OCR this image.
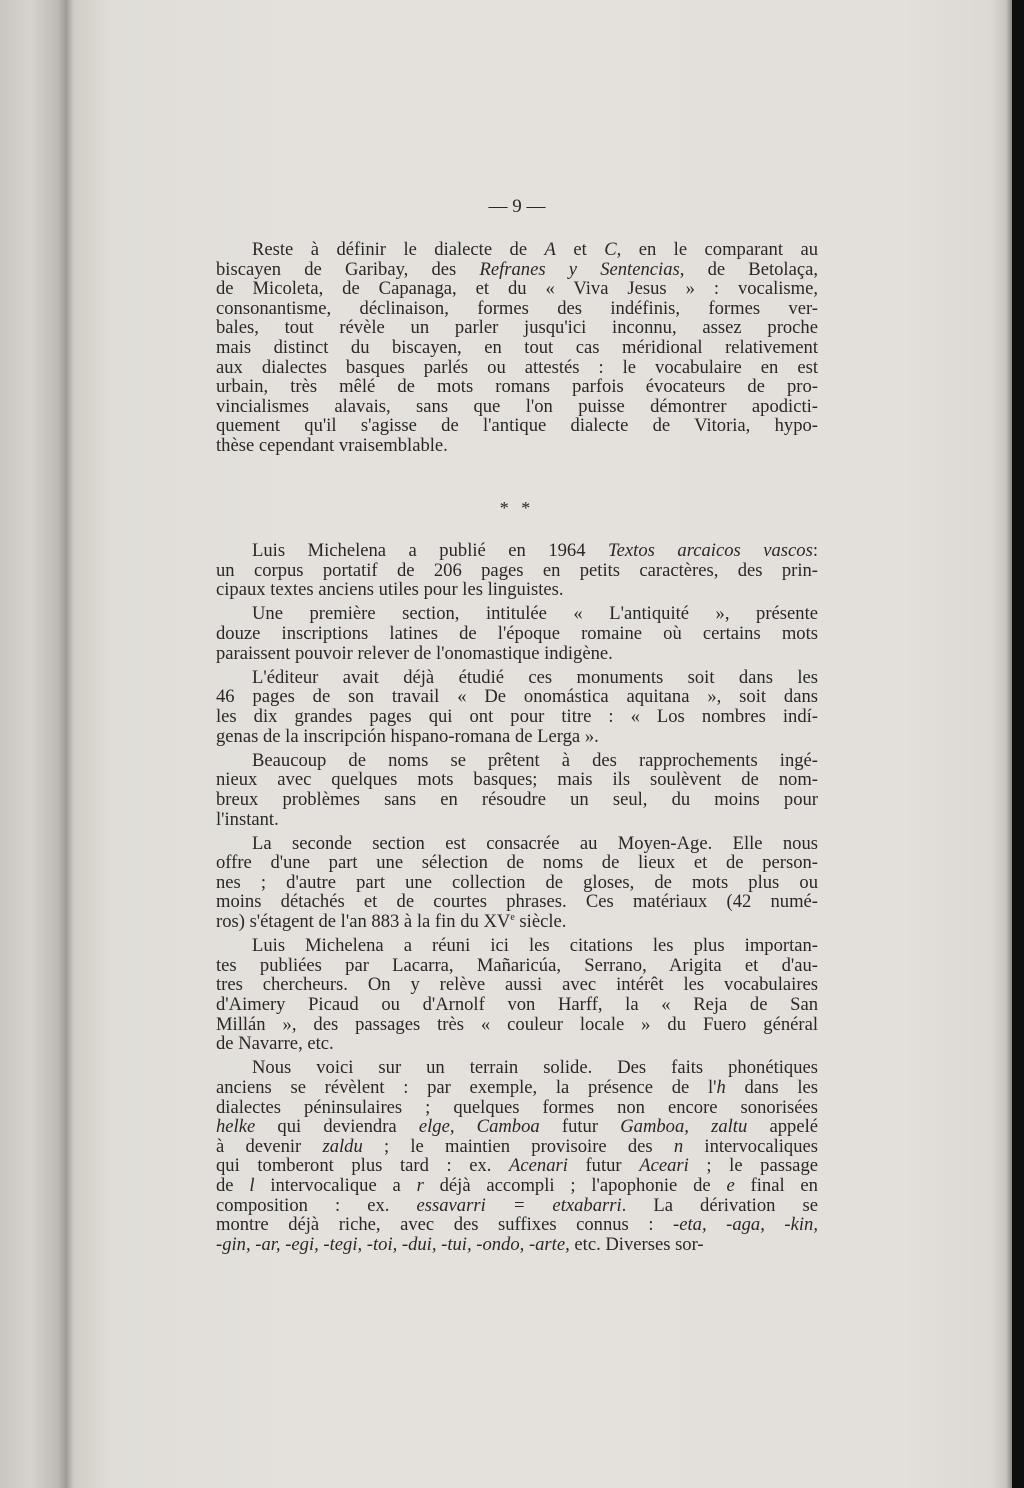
— 9 —
Reste à définir le dialecte de A et C, en le comparant au
biscayen de Garibay, des Refranes y Sentencias, de Betolaça,
de Micoleta, de Capanaga, et du « Viva Jesus » : vocalisme,
consonantisme, déclinaison, formes des indéfinis, formes ver-
bales, tout révèle un parler jusqu'ici inconnu, assez proche
mais distinct du biscayen, en tout cas méridional relativement
aux dialectes basques parlés ou attestés : le vocabulaire en est
urbain, très mêlé de mots romans parfois évocateurs de pro-
vincialismes alavais, sans que l'on puisse démontrer apodicti-
quement qu'il s'agisse de l'antique dialecte de Vitoria, hypo-
thèse cependant vraisemblable.
* *
Luis Michelena a publié en 1964 Textos arcaicos vascos:
un corpus portatif de 206 pages en petits caractères, des prin-
cipaux textes anciens utiles pour les linguistes.
Une première section, intitulée « L'antiquité », présente
douze inscriptions latines de l'époque romaine où certains mots
paraissent pouvoir relever de l'onomastique indigène.
L'éditeur avait déjà étudié ces monuments soit dans les
46 pages de son travail « De onomástica aquitana », soit dans
les dix grandes pages qui ont pour titre : « Los nombres indí-
genas de la inscripción hispano-romana de Lerga ».
Beaucoup de noms se prêtent à des rapprochements ingé-
nieux avec quelques mots basques; mais ils soulèvent de nom-
breux problèmes sans en résoudre un seul, du moins pour
l'instant.
La seconde section est consacrée au Moyen-Age. Elle nous
offre d'une part une sélection de noms de lieux et de person-
nes ; d'autre part une collection de gloses, de mots plus ou
moins détachés et de courtes phrases. Ces matériaux (42 numé-
ros) s'étagent de l'an 883 à la fin du XVe siècle.
Luis Michelena a réuni ici les citations les plus importan-
tes publiées par Lacarra, Mañaricúa, Serrano, Arigita et d'au-
tres chercheurs. On y relève aussi avec intérêt les vocabulaires
d'Aimery Picaud ou d'Arnolf von Harff, la « Reja de San
Millán », des passages très « couleur locale » du Fuero général
de Navarre, etc.
Nous voici sur un terrain solide. Des faits phonétiques
anciens se révèlent : par exemple, la présence de l'h dans les
dialectes péninsulaires ; quelques formes non encore sonorisées
helke qui deviendra elge, Camboa futur Gamboa, zaltu appelé
à devenir zaldu ; le maintien provisoire des n intervocaliques
qui tomberont plus tard : ex. Acenari futur Aceari ; le passage
de l intervocalique a r déjà accompli ; l'apophonie de e final en
composition : ex. essavarri = etxabarri. La dérivation se
montre déjà riche, avec des suffixes connus : -eta, -aga, -kin,
-gin, -ar, -egi, -tegi, -toi, -dui, -tui, -ondo, -arte, etc. Diverses sor-
